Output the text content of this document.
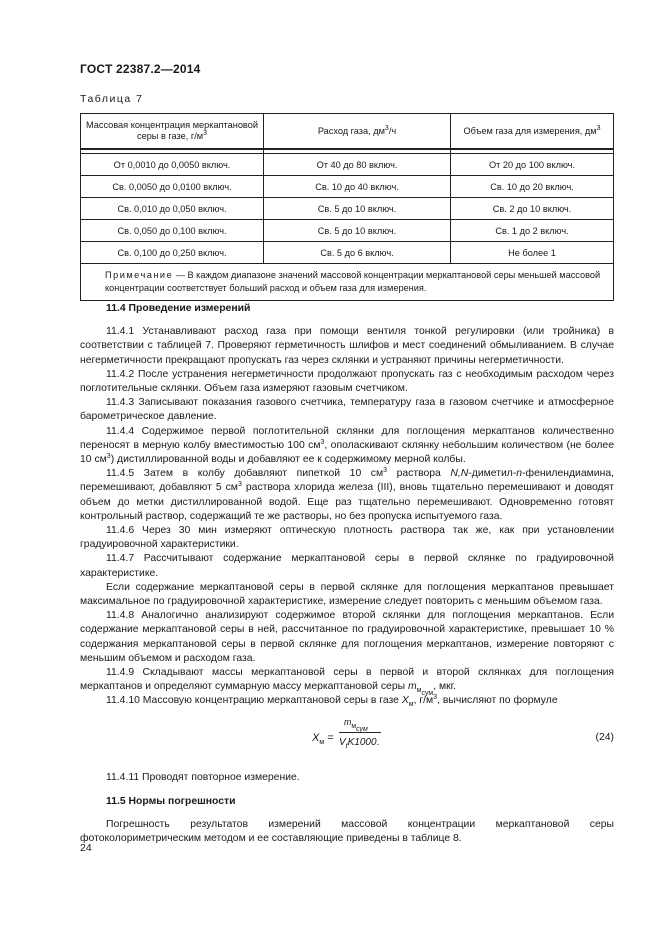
ГОСТ 22387.2—2014
Таблица 7
Массовая концентрация меркаптановой серы в газе, $г/м^3$	Расход газа, $дм^3/ч$	Объем газа для измерения, $дм^3$

От 0,0010 до 0,0050 включ.	От 40 до 80 включ.	От 20 до 100 включ.
Св. 0,0050 до 0,0100 включ.	Св. 10 до 40 включ.	Св. 10 до 20 включ.
Св. 0,010 до 0,050 включ.	Св. 5 до 10 включ.	Св. 2 до 10 включ.
Св. 0,050 до 0,100 включ.	Св. 5 до 10 включ.	Св. 1 до 2 включ.
Св. 0,100 до 0,250 включ.	Св. 5 до 6 включ.	Не более 1
Примечание — В каждом диапазоне значений массовой концентрации меркаптановой серы меньшей массовой концентрации соответствует больший расход и объем газа для измерения.		
11.4 Проведение измерений

11.4.1 Устанавливают расход газа при помощи вентиля тонкой регулировки (или тройника) в соответствии с таблицей 7. Проверяют герметичность шлифов и мест соединений обмыливанием. В случае негерметичности прекращают пропускать газ через склянки и устраняют причины негерметичности.

11.4.2 После устранения негерметичности продолжают пропускать газ с необходимым расходом через поглотительные склянки. Объем газа измеряют газовым счетчиком.

11.4.3 Записывают показания газового счетчика, температуру газа в газовом счетчике и атмосферное барометрическое давление.

11.4.4 Содержимое первой поглотительной склянки для поглощения меркаптанов количественно переносят в мерную колбу вместимостью 100 $см^3$, ополаскивают склянку небольшим количеством (не более 10 $см^3$) дистиллированной воды и добавляют ее к содержимому мерной колбы.

11.4.5 Затем в колбу добавляют пипеткой 10 $см^3$ раствора N,N-диметил-n-фенилендиамина, перемешивают, добавляют 5 $см^3$ раствора хлорида железа (III), вновь тщательно перемешивают и доводят объем до метки дистиллированной водой. Еще раз тщательно перемешивают. Одновременно готовят контрольный раствор, содержащий те же растворы, но без пропуска испытуемого газа.

11.4.6 Через 30 мин измеряют оптическую плотность раствора так же, как при установлении градуировочной характеристики.

11.4.7 Рассчитывают содержание меркаптановой серы в первой склянке по градуировочной характеристике.

Если содержание меркаптановой серы в первой склянке для поглощения меркаптанов превышает максимальное по градуировочной характеристике, измерение следует повторить с меньшим объемом газа.

11.4.8 Аналогично анализируют содержимое второй склянки для поглощения меркаптанов. Если содержание меркаптановой серы в ней, рассчитанное по градуировочной характеристике, превышает 10 % содержания меркаптановой серы в первой склянке для поглощения меркаптанов, измерение повторяют с меньшим объемом и расходом газа.

11.4.9 Складывают массы меркаптановой серы в первой и второй склянках для поглощения меркаптанов и определяют суммарную массу меркаптановой серы $m_{м_{сум}}$, мкг.

11.4.10 Массовую концентрацию меркаптановой серы в газе $X_м$, $г/м^3$, вычисляют по формуле

$X_м$ =
$m_{м_{сум}}$
$V_tK1000$.	(24)

11.4.11 Проводят повторное измерение.

11.5 Нормы погрешности

Погрешность результатов измерений массовой концентрации меркаптановой серы фотоколориметрическим методом и ее составляющие приведены в таблице 8.

24
